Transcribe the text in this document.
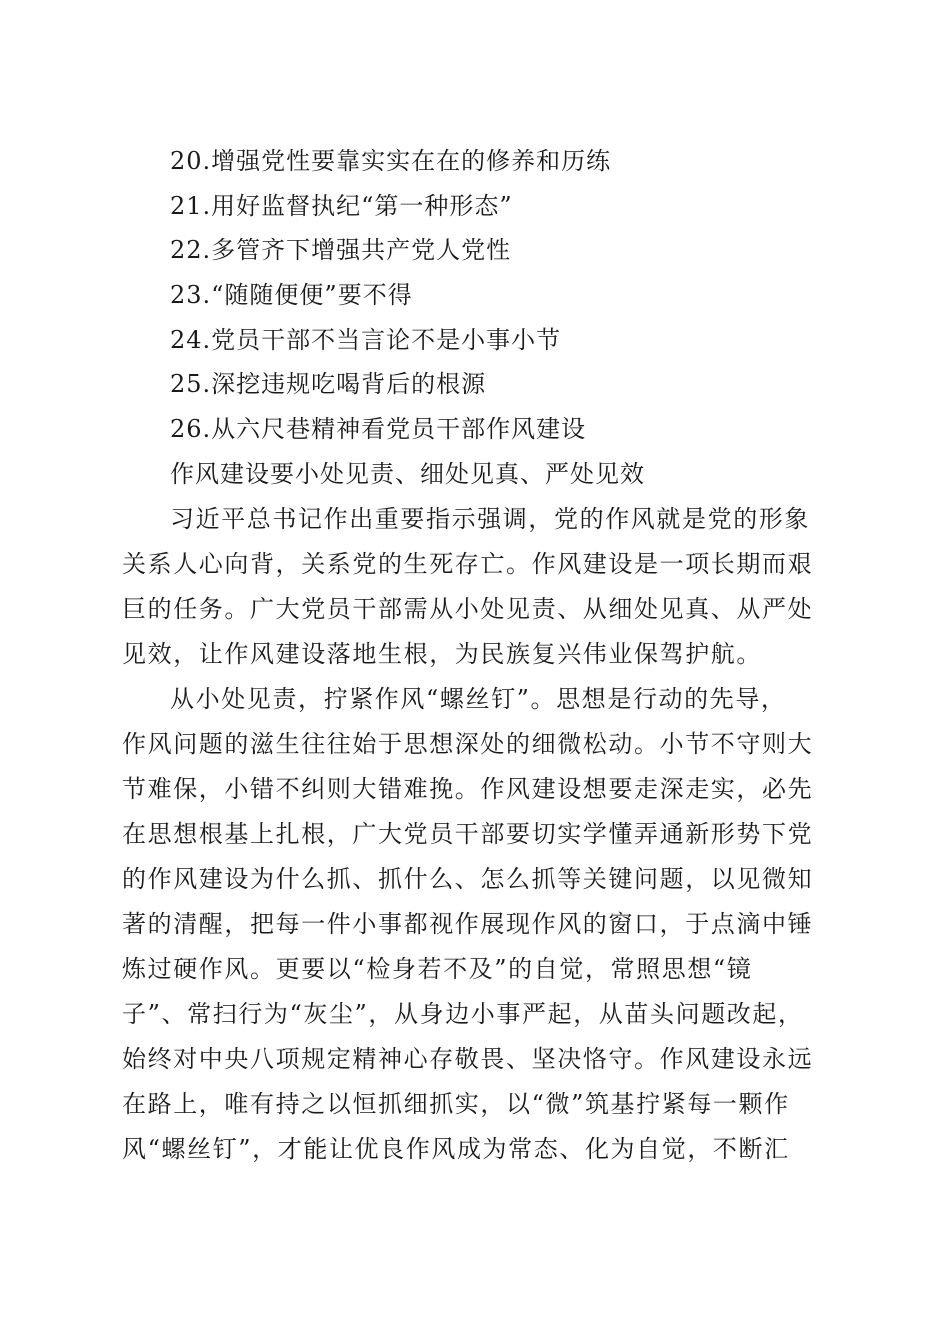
20.增强党性要靠实实在在的修养和历练
21.用好监督执纪“第一种形态”
22.多管齐下增强共产党人党性
23.“随随便便”要不得
24.党员干部不当言论不是小事小节
25.深挖违规吃喝背后的根源
26.从六尺巷精神看党员干部作风建设
作风建设要小处见责、细处见真、严处见效
习近平总书记作出重要指示强调，党的作风就是党的形象
关系人心向背，关系党的生死存亡。作风建设是一项长期而艰
巨的任务。广大党员干部需从小处见责、从细处见真、从严处
见效，让作风建设落地生根，为民族复兴伟业保驾护航。
从小处见责，拧紧作风“螺丝钉”。思想是行动的先导，
作风问题的滋生往往始于思想深处的细微松动。小节不守则大
节难保，小错不纠则大错难挽。作风建设想要走深走实，必先
在思想根基上扎根，广大党员干部要切实学懂弄通新形势下党
的作风建设为什么抓、抓什么、怎么抓等关键问题，以见微知
著的清醒，把每一件小事都视作展现作风的窗口，于点滴中锤
炼过硬作风。更要以“检身若不及”的自觉，常照思想“镜
子”、常扫行为“灰尘”，从身边小事严起，从苗头问题改起，
始终对中央八项规定精神心存敬畏、坚决恪守。作风建设永远
在路上，唯有持之以恒抓细抓实，以“微”筑基拧紧每一颗作
风“螺丝钉”，才能让优良作风成为常态、化为自觉，不断汇
